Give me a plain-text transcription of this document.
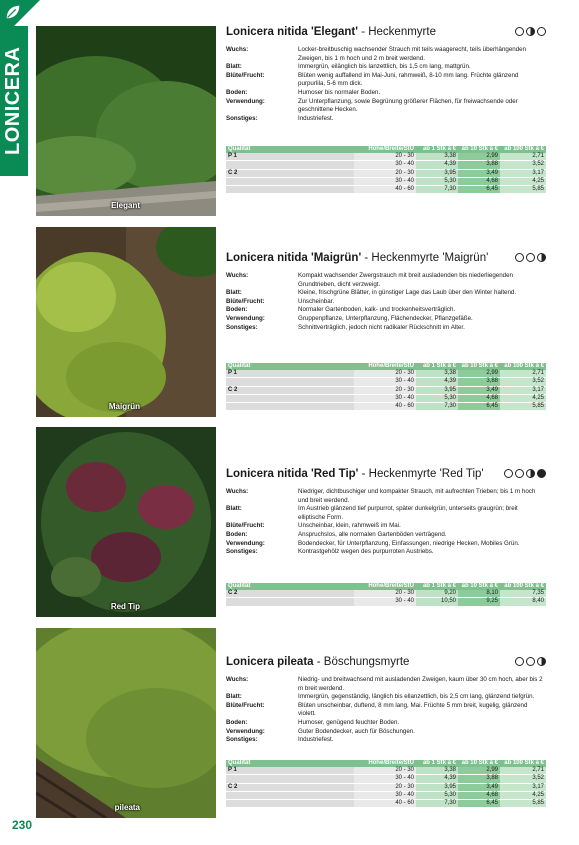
LONICERA
230
Elegant
Maigrün
Red Tip
pileata
Lonicera nitida 'Elegant' - Heckenmyrte
Wuchs:	Locker-breitbuschig wachsender Strauch mit teils waagerecht, teils überhängenden Zweigen, bis 1 m hoch und 2 m breit werdend.
Blatt:	Immergrün, eilänglich bis lanzettlich, bis 1,5 cm lang, mattgrün.
Blüte/Frucht:	Blüten wenig auffallend im Mai-Juni, rahmweiß, 8-10 mm lang. Früchte glänzend purpurlila, 5-6 mm dick.
Boden:	Humoser bis normaler Boden.
Verwendung:	Zur Unterpflanzung, sowie Begrünung größerer Flächen, für freiwachsende oder geschnittene Hecken.
Sonstiges:	Industriefest.
Qualität	Höhe/Breite/StÜ	ab 1 Stk à €	ab 10 Stk à €	ab 100 Stk à €
P 1	20 - 30	3,38	2,99	2,71
	30 - 40	4,39	3,88	3,52
C 2	20 - 30	3,95	3,49	3,17
	30 - 40	5,30	4,68	4,25
	40 - 60	7,30	6,45	5,85
Lonicera nitida 'Maigrün' - Heckenmyrte 'Maigrün'
Wuchs:	Kompakt wachsender Zwergstrauch mit breit ausladenden bis niederliegenden Grundtrieben, dicht verzweigt.
Blatt:	Kleine, frischgrüne Blätter, in günstiger Lage das Laub über den Winter haltend.
Blüte/Frucht:	Unscheinbar.
Boden:	Normaler Gartenboden, kalk- und trockenheitsverträglich.
Verwendung:	Gruppenpflanze, Unterpflanzung, Flächendecker, Pflanzgefäße.
Sonstiges:	Schnittverträglich, jedoch nicht radikaler Rückschnitt im Alter.
Qualität	Höhe/Breite/StÜ	ab 1 Stk à €	ab 10 Stk à €	ab 100 Stk à €
P 1	20 - 30	3,38	2,99	2,71
	30 - 40	4,39	3,88	3,52
C 2	20 - 30	3,95	3,49	3,17
	30 - 40	5,30	4,68	4,25
	40 - 60	7,30	6,45	5,85
Lonicera nitida 'Red Tip' - Heckenmyrte 'Red Tip'
Wuchs:	Niedriger, dichtbuschiger und kompakter Strauch, mit aufrechten Trieben; bis 1 m hoch und breit werdend.
Blatt:	Im Austrieb glänzend tief purpurrot, später dunkelgrün, unterseits graugrün; breit elliptische Form.
Blüte/Frucht:	Unscheinbar, klein, rahmweiß im Mai.
Boden:	Anspruchslos, alle normalen Gartenböden verträgend.
Verwendung:	Bodendecker, für Unterpflanzung, Einfassungen, niedrige Hecken, Mobiles Grün.
Sonstiges:	Kontrastgehölz wegen des purpurroten Austriebs.
Qualität	Höhe/Breite/StÜ	ab 1 Stk à €	ab 10 Stk à €	ab 100 Stk à €
C 2	20 - 30	9,20	8,10	7,35
	30 - 40	10,50	9,25	8,40
Lonicera pileata - Böschungsmyrte
Wuchs:	Niedrig- und breitwachsend mit ausladenden Zweigen, kaum über 30 cm hoch, aber bis 2 m breit werdend.
Blatt:	Immergrün, gegenständig, länglich bis ellanzettlich, bis 2,5 cm lang, glänzend tiefgrün.
Blüte/Frucht:	Blüten unscheinbar, duftend, 8 mm lang, Mai. Früchte 5 mm breit, kugelig, glänzend violett.
Boden:	Humoser, genügend feuchter Boden.
Verwendung:	Guter Bodendecker, auch für Böschungen.
Sonstiges:	Industriefest.
Qualität	Höhe/Breite/StÜ	ab 1 Stk à €	ab 10 Stk à €	ab 100 Stk à €
P 1	20 - 30	3,38	2,99	2,71
	30 - 40	4,39	3,88	3,52
C 2	20 - 30	3,95	3,49	3,17
	30 - 40	5,30	4,68	4,25
	40 - 60	7,30	6,45	5,85
